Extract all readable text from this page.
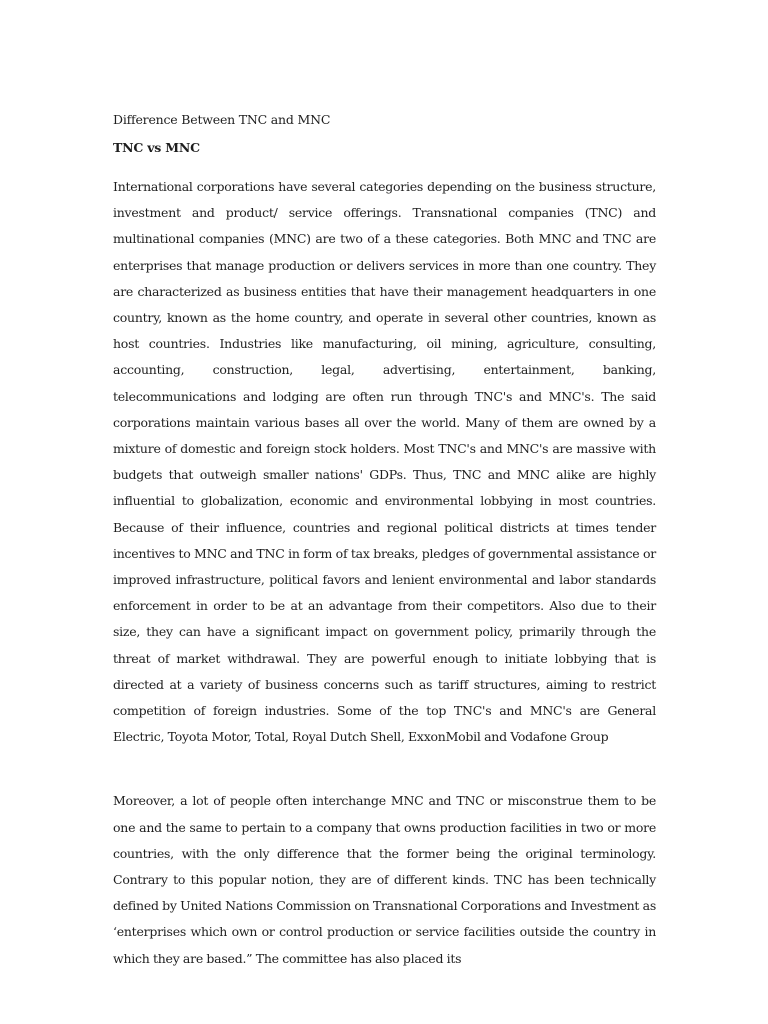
Difference Between TNC and MNC
TNC vs MNC

International corporations have several categories depending on the business structure, investment and product/ service offerings. Transnational companies (TNC) and multinational companies (MNC) are two of a these categories. Both MNC and TNC are enterprises that manage production or delivers services in more than one country. They are characterized as business entities that have their management headquarters in one country, known as the home country, and operate in several other countries, known as host countries. Industries like manufacturing, oil mining, agriculture, consulting, accounting, construction, legal, advertising, entertainment, banking, telecommunications and lodging are often run through TNC's and MNC's. The said corporations maintain various bases all over the world. Many of them are owned by a mixture of domestic and foreign stock holders. Most TNC's and MNC's are massive with budgets that outweigh smaller nations' GDPs. Thus, TNC and MNC alike are highly influential to globalization, economic and environmental lobbying in most countries. Because of their influence, countries and regional political districts at times tender incentives to MNC and TNC in form of tax breaks, pledges of governmental assistance or improved infrastructure, political favors and lenient environmental and labor standards enforcement in order to be at an advantage from their competitors. Also due to their size, they can have a significant impact on government policy, primarily through the threat of market withdrawal. They are powerful enough to initiate lobbying that is directed at a variety of business concerns such as tariff structures, aiming to restrict competition of foreign industries. Some of the top TNC's and MNC's are General Electric, Toyota Motor, Total, Royal Dutch Shell, ExxonMobil and Vodafone Group

Moreover, a lot of people often interchange MNC and TNC or misconstrue them to be one and the same to pertain to a company that owns production facilities in two or more countries, with the only difference that the former being the original terminology. Contrary to this popular notion, they are of different kinds. TNC has been technically defined by United Nations Commission on Transnational Corporations and Investment as ‘enterprises which own or control production or service facilities outside the country in which they are based.” The committee has also placed its
